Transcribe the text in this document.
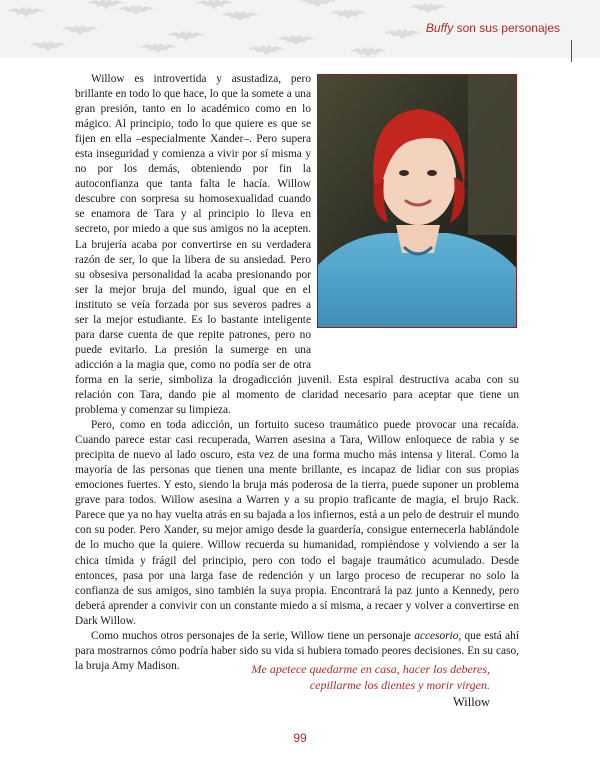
Buffy son sus personajes

Willow es introvertida y asustadiza, pero brillante en todo lo que hace, lo que la somete a una gran presión, tanto en lo académico como en lo mágico. Al principio, todo lo que quiere es que se fijen en ella –especialmente Xander–. Pero supera esta inseguridad y comienza a vivir por sí misma y no por los demás, obteniendo por fin la autoconfianza que tanta falta le hacía. Willow descubre con sorpresa su homosexualidad cuando se enamora de Tara y al principio lo lleva en secreto, por miedo a que sus amigos no la acepten. La brujería acaba por convertirse en su verdadera razón de ser, lo que la libera de su ansiedad. Pero su obsesiva personalidad la acaba presionando por ser la mejor bruja del mundo, igual que en el instituto se veía forzada por sus severos padres a ser la mejor estudiante. Es lo bastante inteligente para darse cuenta de que repite patrones, pero no puede evitarlo. La presión la sumerge en una adicción a la magia que, como no podía ser de otra forma en la serie, simboliza la drogadicción juvenil. Esta espiral destructiva acaba con su relación con Tara, dando pie al momento de claridad necesario para aceptar que tiene un problema y comenzar su limpieza.

Pero, como en toda adicción, un fortuito suceso traumático puede provocar una recaída. Cuando parece estar casi recuperada, Warren asesina a Tara, Willow enloquece de rabia y se precipita de nuevo al lado oscuro, esta vez de una forma mucho más intensa y literal. Como la mayoría de las personas que tienen una mente brillante, es incapaz de lidiar con sus propias emociones fuertes. Y esto, siendo la bruja más poderosa de la tierra, puede suponer un problema grave para todos. Willow asesina a Warren y a su propio traficante de magia, el brujo Rack. Parece que ya no hay vuelta atrás en su bajada a los infiernos, está a un pelo de destruir el mundo con su poder. Pero Xander, su mejor amigo desde la guardería, consigue enternecerla hablándole de lo mucho que la quiere. Willow recuerda su humanidad, rompiéndose y volviendo a ser la chica tímida y frágil del principio, pero con todo el bagaje traumático acumulado. Desde entonces, pasa por una larga fase de redención y un largo proceso de recuperar no solo la confianza de sus amigos, sino también la suya propia. Encontrará la paz junto a Kennedy, pero deberá aprender a convivir con un constante miedo a sí misma, a recaer y volver a convertirse en Dark Willow.

Como muchos otros personajes de la serie, Willow tiene un personaje accesorio, que está ahí para mostrarnos cómo podría haber sido su vida si hubiera tomado peores decisiones. En su caso, la bruja Amy Madison.	Me apetece quedarme en casa, hacer los deberes,
cepillarme los dientes y morir virgen.
Willow
99
